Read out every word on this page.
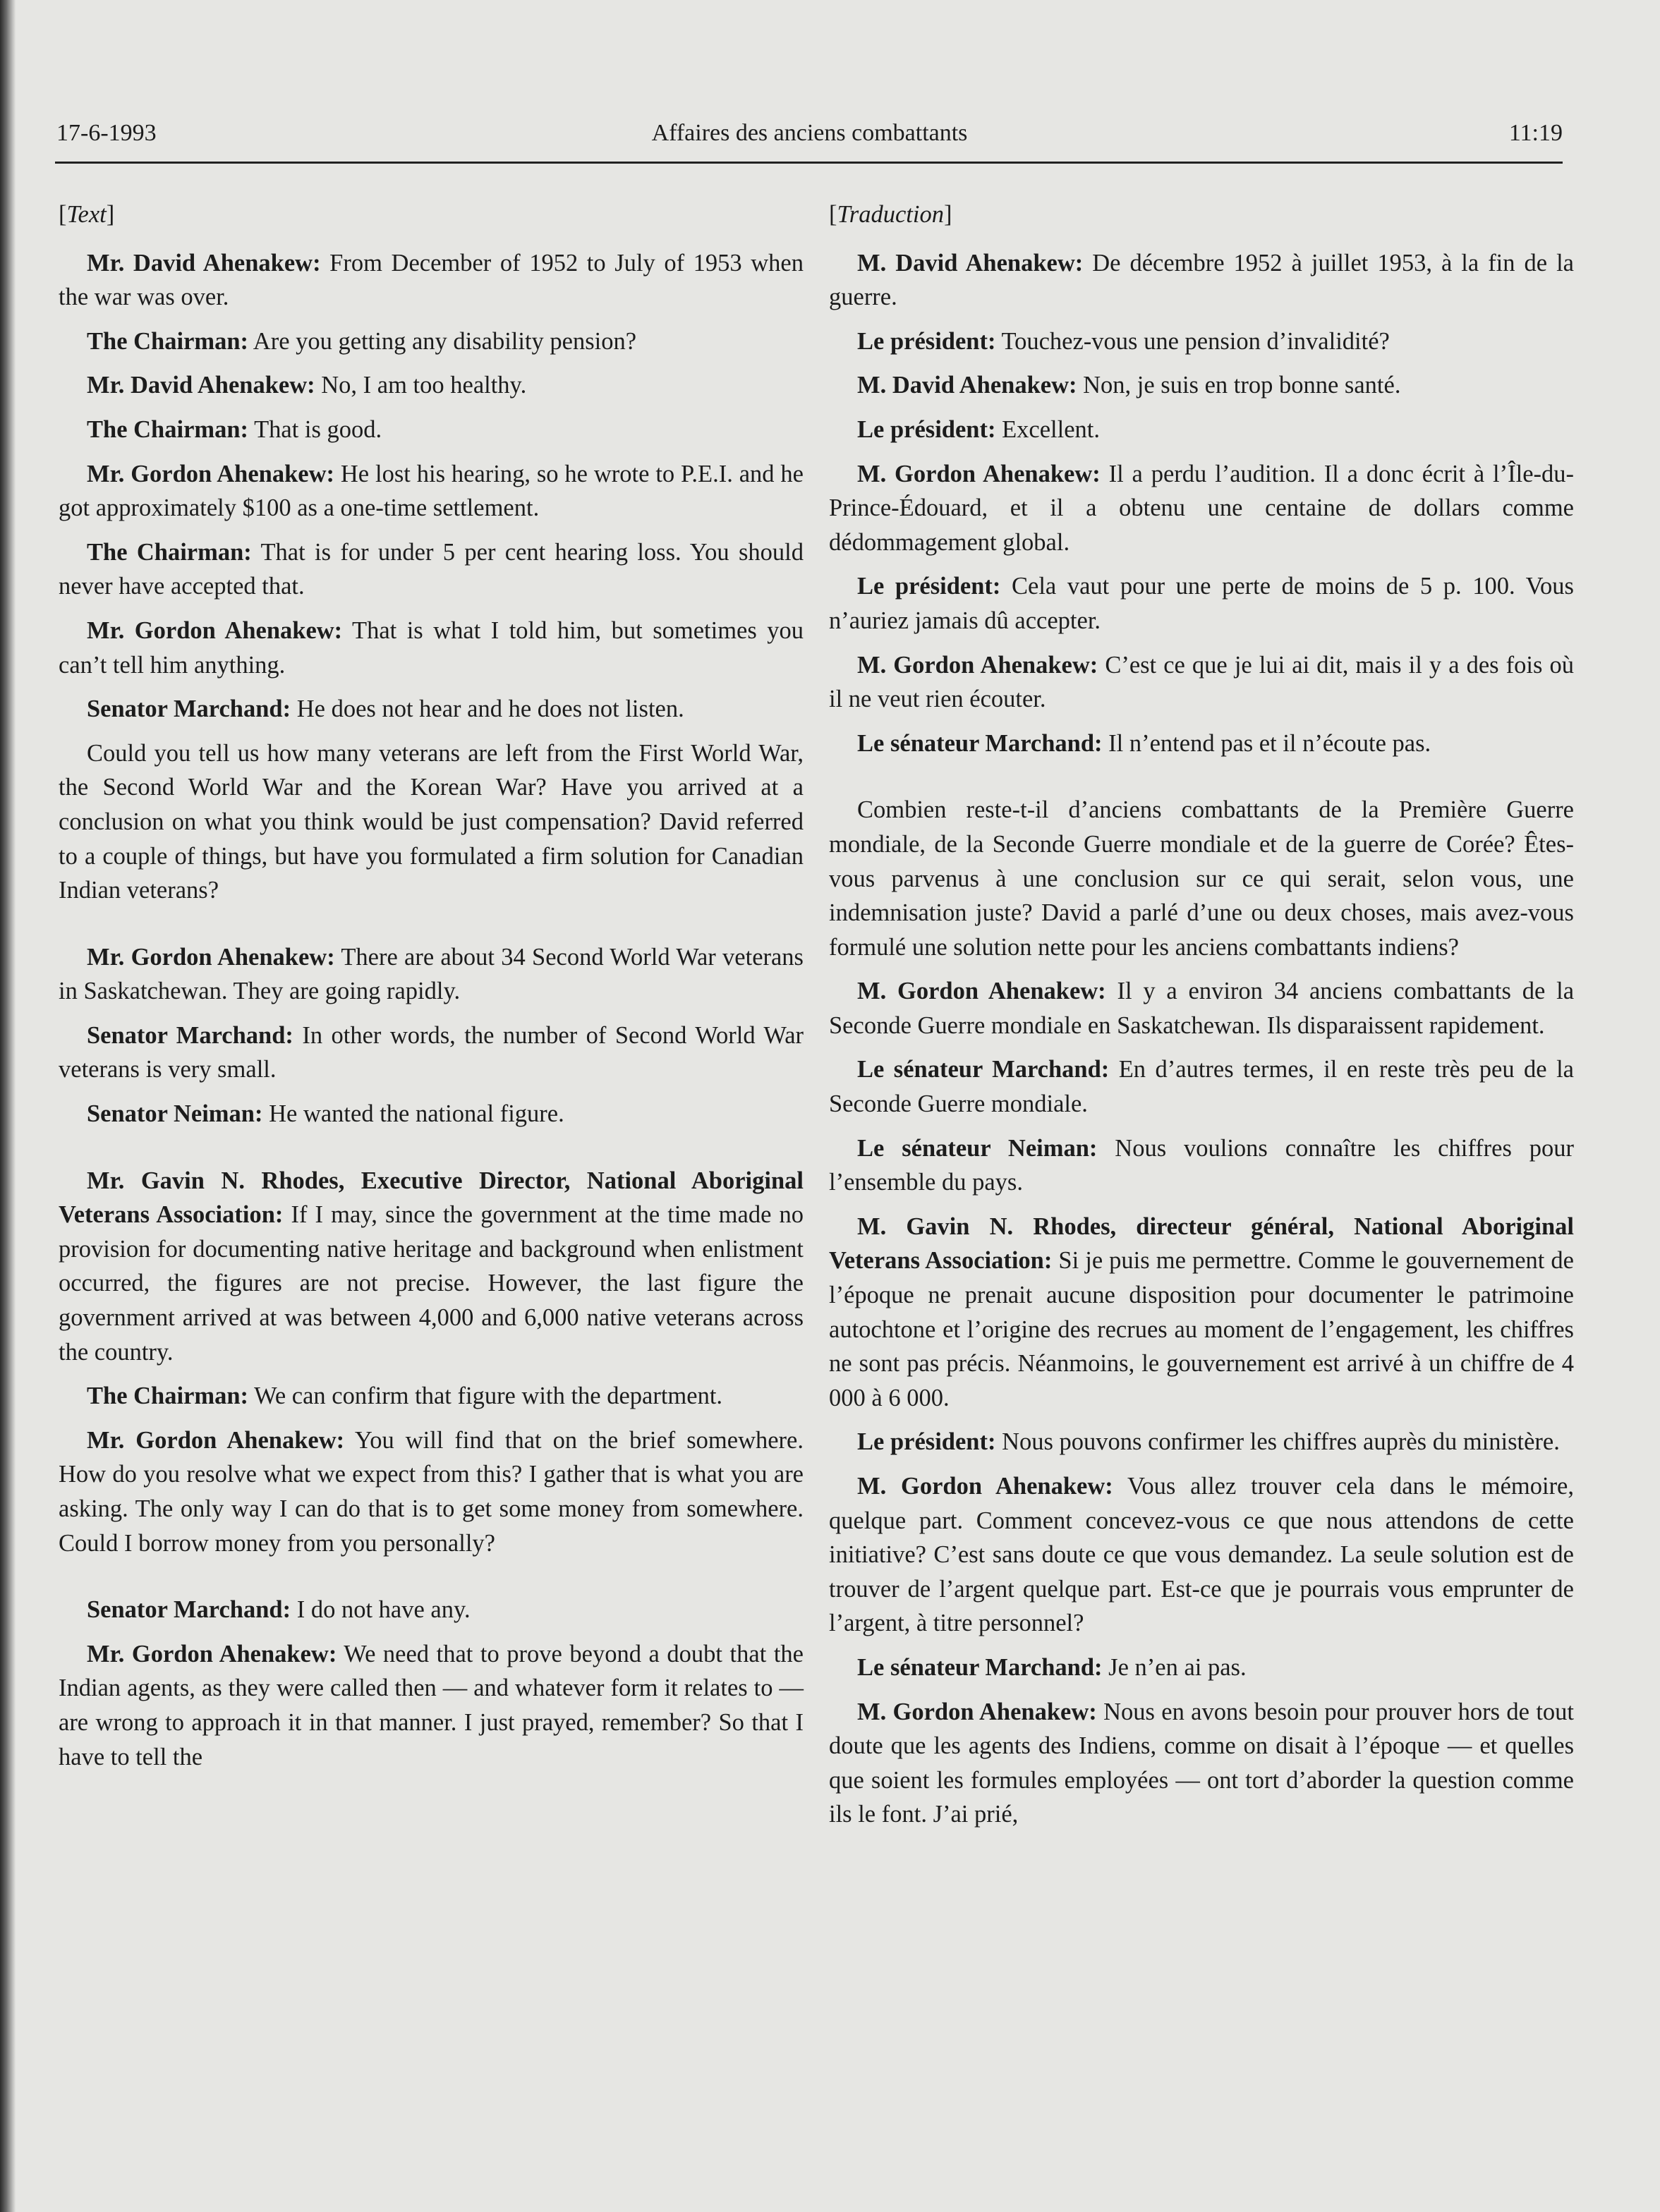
17-6-1993	Affaires des anciens combattants	11:19

[Text]

Mr. David Ahenakew: From December of 1952 to July of 1953 when the war was over.

The Chairman: Are you getting any disability pension?

Mr. David Ahenakew: No, I am too healthy.

The Chairman: That is good.

Mr. Gordon Ahenakew: He lost his hearing, so he wrote to P.E.I. and he got approximately $100 as a one-time settlement.

The Chairman: That is for under 5 per cent hearing loss. You should never have accepted that.

Mr. Gordon Ahenakew: That is what I told him, but sometimes you can’t tell him anything.

Senator Marchand: He does not hear and he does not listen.

Could you tell us how many veterans are left from the First World War, the Second World War and the Korean War? Have you arrived at a conclusion on what you think would be just compensation? David referred to a couple of things, but have you formulated a firm solution for Canadian Indian veterans?

Mr. Gordon Ahenakew: There are about 34 Second World War veterans in Saskatchewan. They are going rapidly.

Senator Marchand: In other words, the number of Second World War veterans is very small.

Senator Neiman: He wanted the national figure.

Mr. Gavin N. Rhodes, Executive Director, National Aboriginal Veterans Association: If I may, since the government at the time made no provision for documenting native heritage and background when enlistment occurred, the figures are not precise. However, the last figure the government arrived at was between 4,000 and 6,000 native veterans across the country.

The Chairman: We can confirm that figure with the department.

Mr. Gordon Ahenakew: You will find that on the brief somewhere. How do you resolve what we expect from this? I gather that is what you are asking. The only way I can do that is to get some money from somewhere. Could I borrow money from you personally?

Senator Marchand: I do not have any.

Mr. Gordon Ahenakew: We need that to prove beyond a doubt that the Indian agents, as they were called then — and whatever form it relates to — are wrong to approach it in that manner. I just prayed, remember? So that I have to tell the

[Traduction]

M. David Ahenakew: De décembre 1952 à juillet 1953, à la fin de la guerre.

Le président: Touchez-vous une pension d’invalidité?

M. David Ahenakew: Non, je suis en trop bonne santé.

Le président: Excellent.

M. Gordon Ahenakew: Il a perdu l’audition. Il a donc écrit à l’Île-du-Prince-Édouard, et il a obtenu une centaine de dollars comme dédommagement global.

Le président: Cela vaut pour une perte de moins de 5 p. 100. Vous n’auriez jamais dû accepter.

M. Gordon Ahenakew: C’est ce que je lui ai dit, mais il y a des fois où il ne veut rien écouter.

Le sénateur Marchand: Il n’entend pas et il n’écoute pas.

Combien reste-t-il d’anciens combattants de la Première Guerre mondiale, de la Seconde Guerre mondiale et de la guerre de Corée? Êtes-vous parvenus à une conclusion sur ce qui serait, selon vous, une indemnisation juste? David a parlé d’une ou deux choses, mais avez-vous formulé une solution nette pour les anciens combattants indiens?

M. Gordon Ahenakew: Il y a environ 34 anciens combattants de la Seconde Guerre mondiale en Saskatchewan. Ils disparaissent rapidement.

Le sénateur Marchand: En d’autres termes, il en reste très peu de la Seconde Guerre mondiale.

Le sénateur Neiman: Nous voulions connaître les chiffres pour l’ensemble du pays.

M. Gavin N. Rhodes, directeur général, National Aboriginal Veterans Association: Si je puis me permettre. Comme le gouvernement de l’époque ne prenait aucune disposition pour documenter le patrimoine autochtone et l’origine des recrues au moment de l’engagement, les chiffres ne sont pas précis. Néanmoins, le gouvernement est arrivé à un chiffre de 4 000 à 6 000.

Le président: Nous pouvons confirmer les chiffres auprès du ministère.

M. Gordon Ahenakew: Vous allez trouver cela dans le mémoire, quelque part. Comment concevez-vous ce que nous attendons de cette initiative? C’est sans doute ce que vous demandez. La seule solution est de trouver de l’argent quelque part. Est-ce que je pourrais vous emprunter de l’argent, à titre personnel?

Le sénateur Marchand: Je n’en ai pas.

M. Gordon Ahenakew: Nous en avons besoin pour prouver hors de tout doute que les agents des Indiens, comme on disait à l’époque — et quelles que soient les formules employées — ont tort d’aborder la question comme ils le font. J’ai prié,
